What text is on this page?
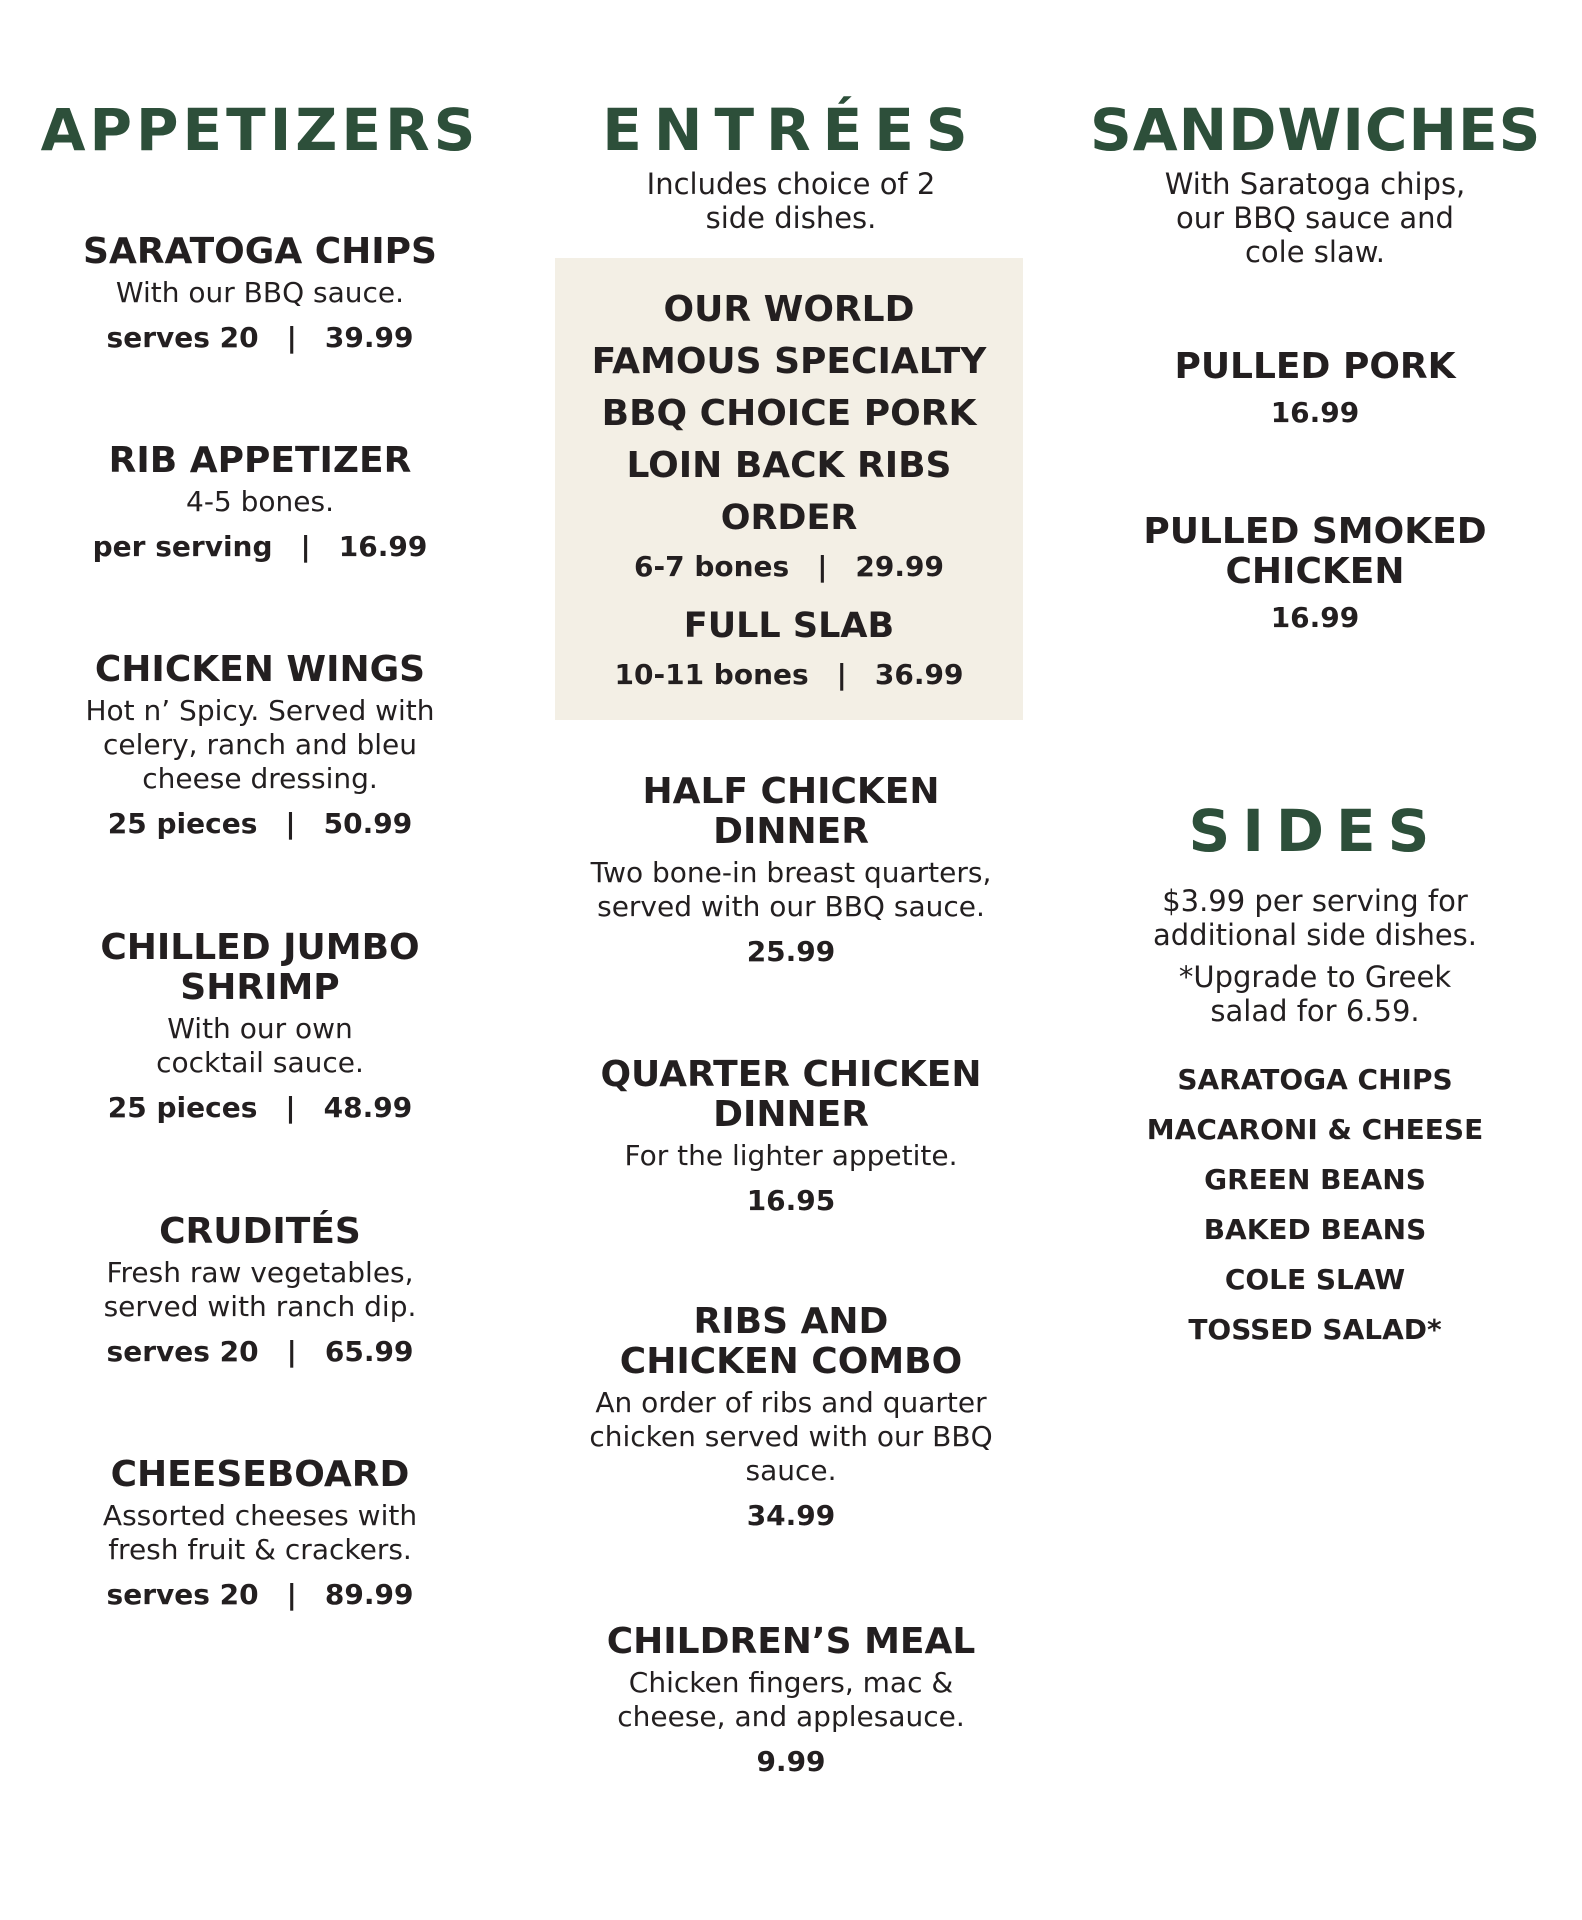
APPETIZERS
SARATOGA CHIPS
With our BBQ sauce.
serves 20 | 39.99
RIB APPETIZER
4-5 bones.
per serving | 16.99
CHICKEN WINGS
Hot n’ Spicy. Served with celery, ranch and bleu cheese dressing.
25 pieces | 50.99
CHILLED JUMBO
SHRIMP
With our own cocktail sauce.
25 pieces | 48.99
CRUDITÉS
Fresh raw vegetables, served with ranch dip.
serves 20 | 65.99
CHEESEBOARD
Assorted cheeses with fresh fruit & crackers.
serves 20 | 89.99
OUR WORLD
FAMOUS SPECIALTY
BBQ CHOICE PORK
LOIN BACK RIBS
ORDER
6-7 bones | 29.99
FULL SLAB
10-11 bones | 36.99
ENTRÉES
Includes choice of 2 side dishes.
HALF CHICKEN
DINNER
Two bone-in breast quarters, served with our BBQ sauce.
25.99
QUARTER CHICKEN
DINNER
For the lighter appetite.
16.95
RIBS AND
CHICKEN COMBO
An order of ribs and quarter chicken served with our BBQ sauce.
34.99
CHILDREN’S MEAL
Chicken fingers, mac & cheese, and applesauce.
9.99
SANDWICHES
With Saratoga chips, our BBQ sauce and cole slaw.
PULLED PORK
16.99
PULLED SMOKED
CHICKEN
16.99
SIDES
$3.99 per serving for additional side dishes.
*Upgrade to Greek salad for 6.59.
SARATOGA CHIPS
MACARONI & CHEESE
GREEN BEANS
BAKED BEANS
COLE SLAW
TOSSED SALAD*
